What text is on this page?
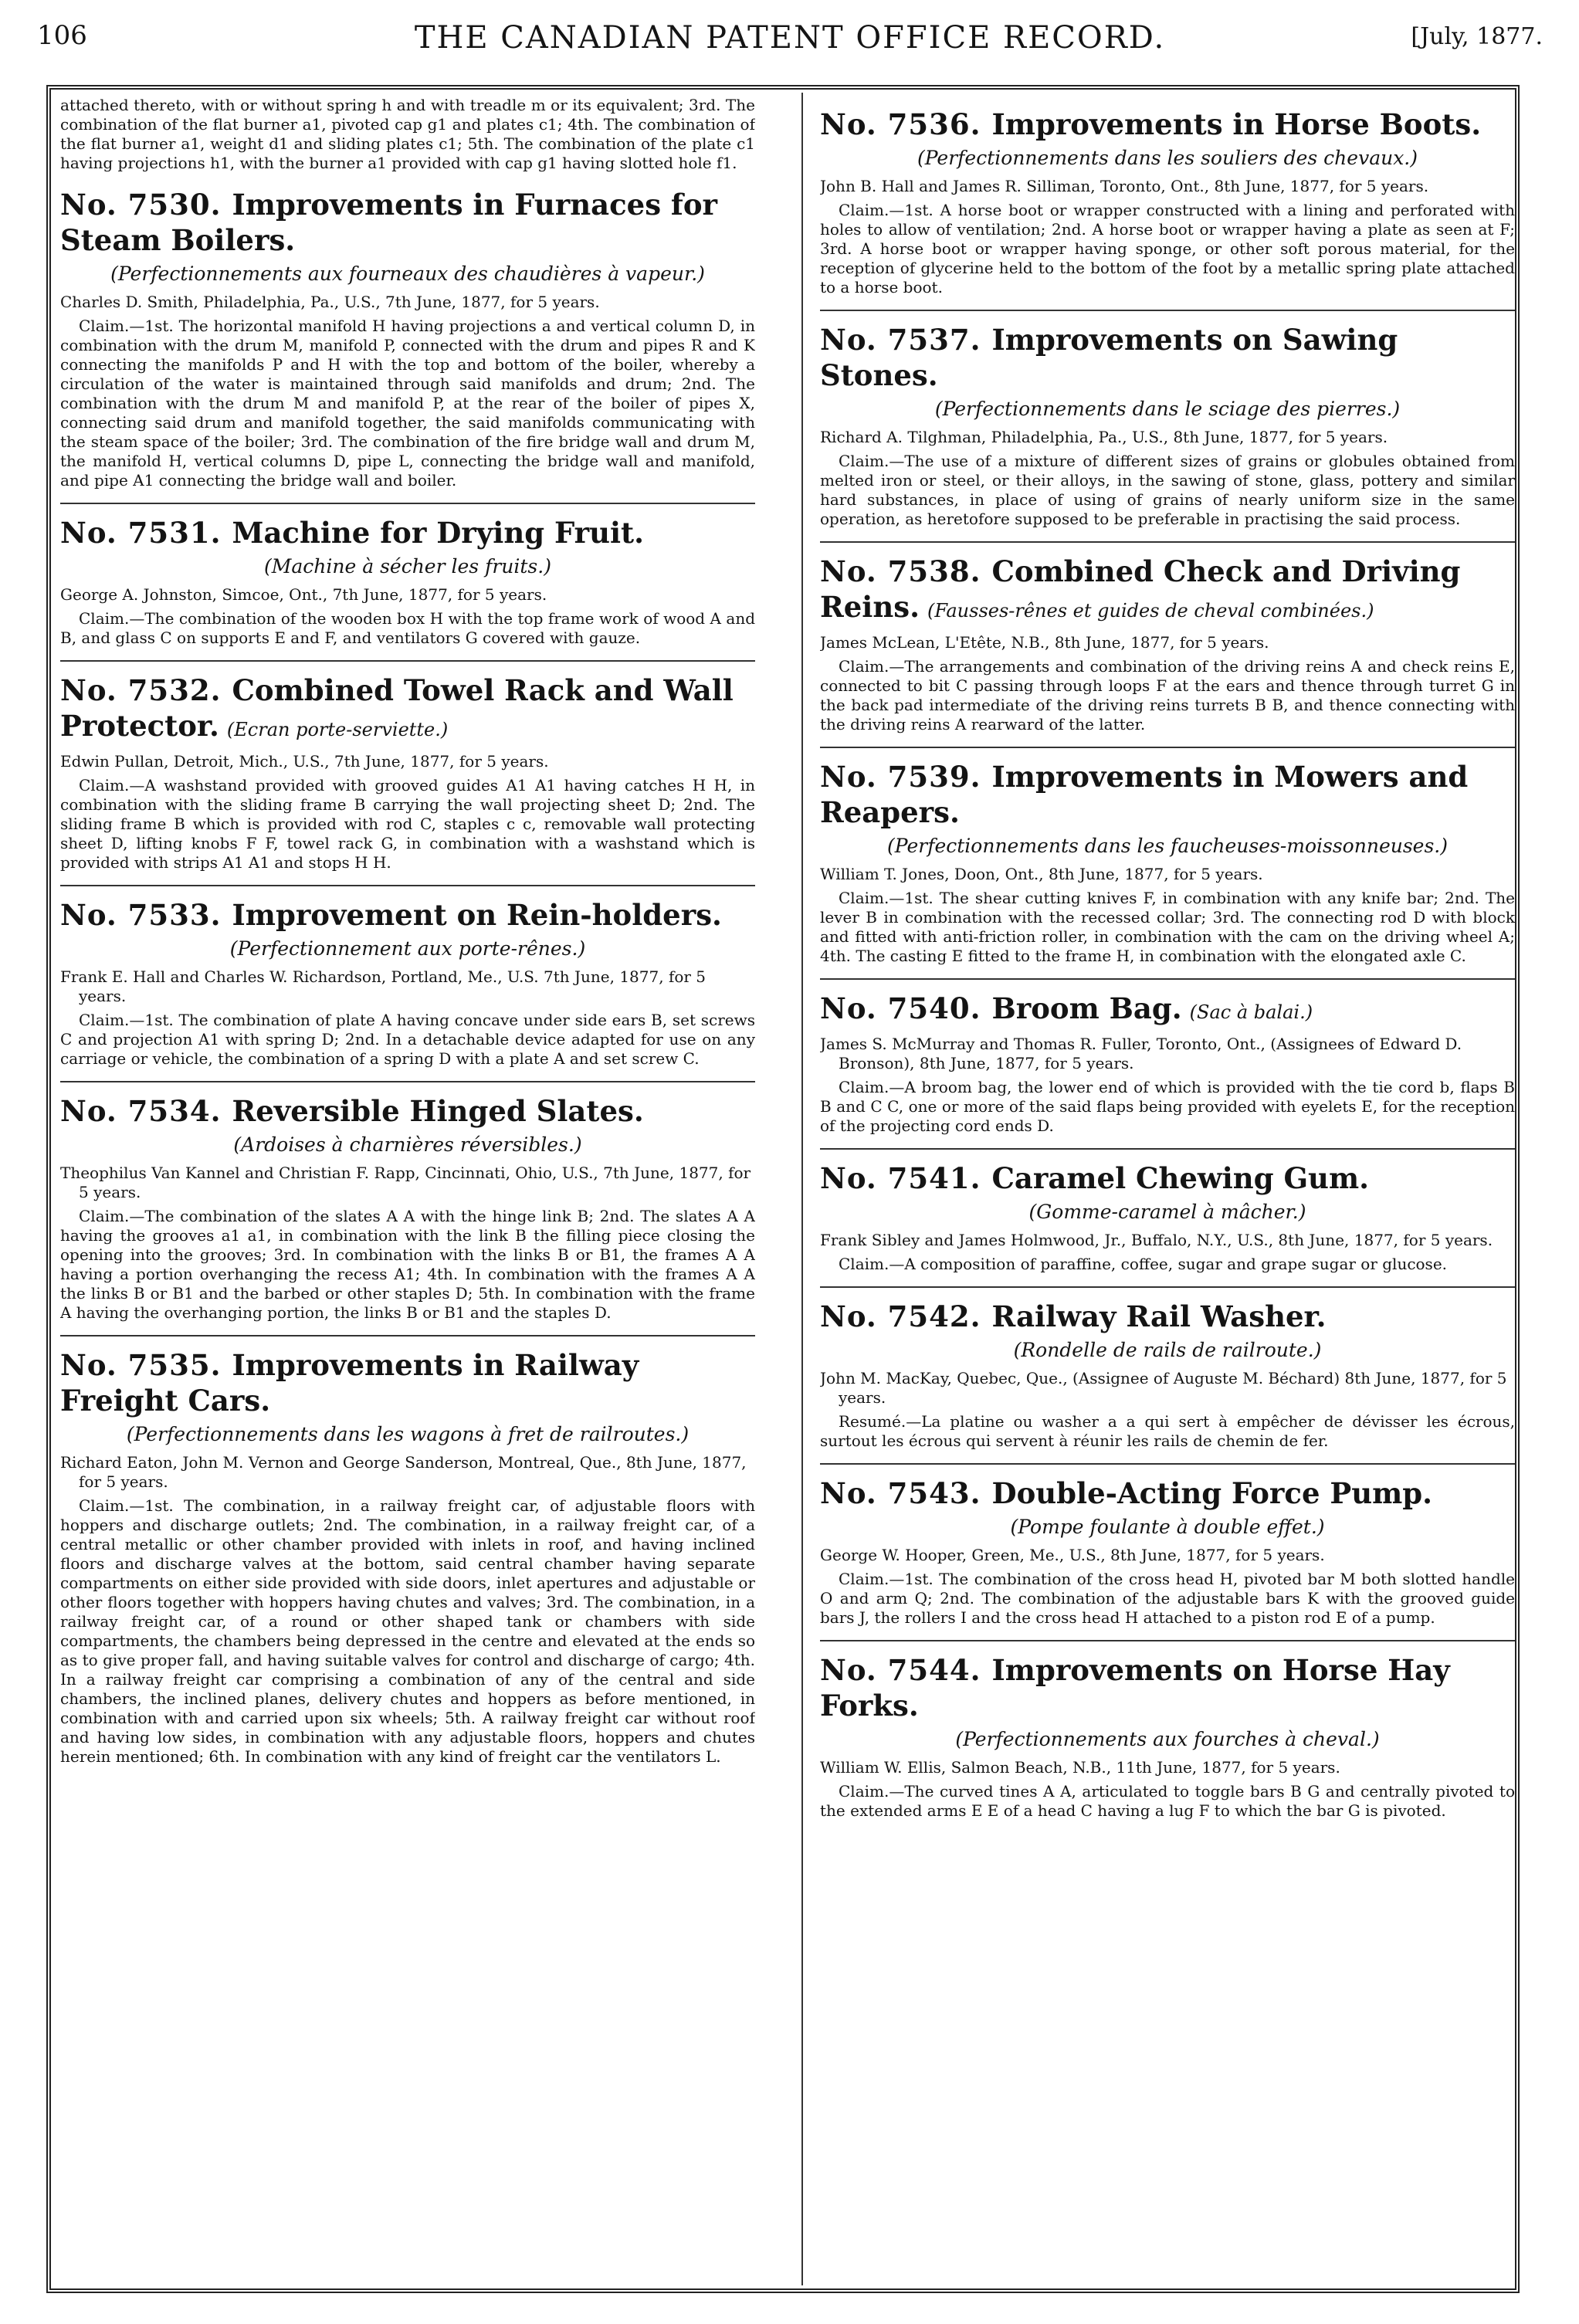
106	THE CANADIAN PATENT OFFICE RECORD.	[July, 1877.

attached thereto, with or without spring h and with treadle m or its equivalent; 3rd. The combination of the flat burner a1, pivoted cap g1 and plates c1; 4th. The combination of the flat burner a1, weight d1 and sliding plates c1; 5th. The combination of the plate c1 having projections h1, with the burner a1 provided with cap g1 having slotted hole f1.

No. 7530. Improvements in Furnaces for Steam Boilers.
(Perfectionnements aux fourneaux des chaudières à vapeur.)

Charles D. Smith, Philadelphia, Pa., U.S., 7th June, 1877, for 5 years.

Claim.—1st. The horizontal manifold H having projections a and vertical column D, in combination with the drum M, manifold P, connected with the drum and pipes R and K connecting the manifolds P and H with the top and bottom of the boiler, whereby a circulation of the water is maintained through said manifolds and drum; 2nd. The combination with the drum M and manifold P, at the rear of the boiler of pipes X, connecting said drum and manifold together, the said manifolds communicating with the steam space of the boiler; 3rd. The combination of the fire bridge wall and drum M, the manifold H, vertical columns D, pipe L, connecting the bridge wall and manifold, and pipe A1 connecting the bridge wall and boiler.

No. 7531. Machine for Drying Fruit.
(Machine à sécher les fruits.)

George A. Johnston, Simcoe, Ont., 7th June, 1877, for 5 years.

Claim.—The combination of the wooden box H with the top frame work of wood A and B, and glass C on supports E and F, and ventilators G covered with gauze.

No. 7532. Combined Towel Rack and Wall Protector. (Ecran porte-serviette.)

Edwin Pullan, Detroit, Mich., U.S., 7th June, 1877, for 5 years.

Claim.—A washstand provided with grooved guides A1 A1 having catches H H, in combination with the sliding frame B carrying the wall projecting sheet D; 2nd. The sliding frame B which is provided with rod C, staples c c, removable wall protecting sheet D, lifting knobs F F, towel rack G, in combination with a washstand which is provided with strips A1 A1 and stops H H.

No. 7533. Improvement on Rein-holders.
(Perfectionnement aux porte-rênes.)

Frank E. Hall and Charles W. Richardson, Portland, Me., U.S. 7th June, 1877, for 5 years.

Claim.—1st. The combination of plate A having concave under side ears B, set screws C and projection A1 with spring D; 2nd. In a detachable device adapted for use on any carriage or vehicle, the combination of a spring D with a plate A and set screw C.

No. 7534. Reversible Hinged Slates.
(Ardoises à charnières réversibles.)

Theophilus Van Kannel and Christian F. Rapp, Cincinnati, Ohio, U.S., 7th June, 1877, for 5 years.

Claim.—The combination of the slates A A with the hinge link B; 2nd. The slates A A having the grooves a1 a1, in combination with the link B the filling piece closing the opening into the grooves; 3rd. In combination with the links B or B1, the frames A A having a portion overhanging the recess A1; 4th. In combination with the frames A A the links B or B1 and the barbed or other staples D; 5th. In combination with the frame A having the overhanging portion, the links B or B1 and the staples D.

No. 7535. Improvements in Railway Freight Cars.
(Perfectionnements dans les wagons à fret de railroutes.)

Richard Eaton, John M. Vernon and George Sanderson, Montreal, Que., 8th June, 1877, for 5 years.

Claim.—1st. The combination, in a railway freight car, of adjustable floors with hoppers and discharge outlets; 2nd. The combination, in a railway freight car, of a central metallic or other chamber provided with inlets in roof, and having inclined floors and discharge valves at the bottom, said central chamber having separate compartments on either side provided with side doors, inlet apertures and adjustable or other floors together with hoppers having chutes and valves; 3rd. The combination, in a railway freight car, of a round or other shaped tank or chambers with side compartments, the chambers being depressed in the centre and elevated at the ends so as to give proper fall, and having suitable valves for control and discharge of cargo; 4th. In a railway freight car comprising a combination of any of the central and side chambers, the inclined planes, delivery chutes and hoppers as before mentioned, in combination with and carried upon six wheels; 5th. A railway freight car without roof and having low sides, in combination with any adjustable floors, hoppers and chutes herein mentioned; 6th. In combination with any kind of freight car the ventilators L.

No. 7536. Improvements in Horse Boots.
(Perfectionnements dans les souliers des chevaux.)

John B. Hall and James R. Silliman, Toronto, Ont., 8th June, 1877, for 5 years.

Claim.—1st. A horse boot or wrapper constructed with a lining and perforated with holes to allow of ventilation; 2nd. A horse boot or wrapper having a plate as seen at F; 3rd. A horse boot or wrapper having sponge, or other soft porous material, for the reception of glycerine held to the bottom of the foot by a metallic spring plate attached to a horse boot.

No. 7537. Improvements on Sawing Stones.
(Perfectionnements dans le sciage des pierres.)

Richard A. Tilghman, Philadelphia, Pa., U.S., 8th June, 1877, for 5 years.

Claim.—The use of a mixture of different sizes of grains or globules obtained from melted iron or steel, or their alloys, in the sawing of stone, glass, pottery and similar hard substances, in place of using of grains of nearly uniform size in the same operation, as heretofore supposed to be preferable in practising the said process.

No. 7538. Combined Check and Driving Reins. (Fausses-rênes et guides de cheval combinées.)

James McLean, L'Etête, N.B., 8th June, 1877, for 5 years.

Claim.—The arrangements and combination of the driving reins A and check reins E, connected to bit C passing through loops F at the ears and thence through turret G in the back pad intermediate of the driving reins turrets B B, and thence connecting with the driving reins A rearward of the latter.

No. 7539. Improvements in Mowers and Reapers.
(Perfectionnements dans les faucheuses-moissonneuses.)

William T. Jones, Doon, Ont., 8th June, 1877, for 5 years.

Claim.—1st. The shear cutting knives F, in combination with any knife bar; 2nd. The lever B in combination with the recessed collar; 3rd. The connecting rod D with block and fitted with anti-friction roller, in combination with the cam on the driving wheel A; 4th. The casting E fitted to the frame H, in combination with the elongated axle C.

No. 7540. Broom Bag. (Sac à balai.)

James S. McMurray and Thomas R. Fuller, Toronto, Ont., (Assignees of Edward D. Bronson), 8th June, 1877, for 5 years.

Claim.—A broom bag, the lower end of which is provided with the tie cord b, flaps B B and C C, one or more of the said flaps being provided with eyelets E, for the reception of the projecting cord ends D.

No. 7541. Caramel Chewing Gum.
(Gomme-caramel à mâcher.)

Frank Sibley and James Holmwood, Jr., Buffalo, N.Y., U.S., 8th June, 1877, for 5 years.

Claim.—A composition of paraffine, coffee, sugar and grape sugar or glucose.

No. 7542. Railway Rail Washer.
(Rondelle de rails de railroute.)

John M. MacKay, Quebec, Que., (Assignee of Auguste M. Béchard) 8th June, 1877, for 5 years.

Resumé.—La platine ou washer a a qui sert à empêcher de dévisser les écrous, surtout les écrous qui servent à réunir les rails de chemin de fer.

No. 7543. Double-Acting Force Pump.
(Pompe foulante à double effet.)

George W. Hooper, Green, Me., U.S., 8th June, 1877, for 5 years.

Claim.—1st. The combination of the cross head H, pivoted bar M both slotted handle O and arm Q; 2nd. The combination of the adjustable bars K with the grooved guide bars J, the rollers I and the cross head H attached to a piston rod E of a pump.

No. 7544. Improvements on Horse Hay Forks.
(Perfectionnements aux fourches à cheval.)

William W. Ellis, Salmon Beach, N.B., 11th June, 1877, for 5 years.

Claim.—The curved tines A A, articulated to toggle bars B G and centrally pivoted to the extended arms E E of a head C having a lug F to which the bar G is pivoted.
